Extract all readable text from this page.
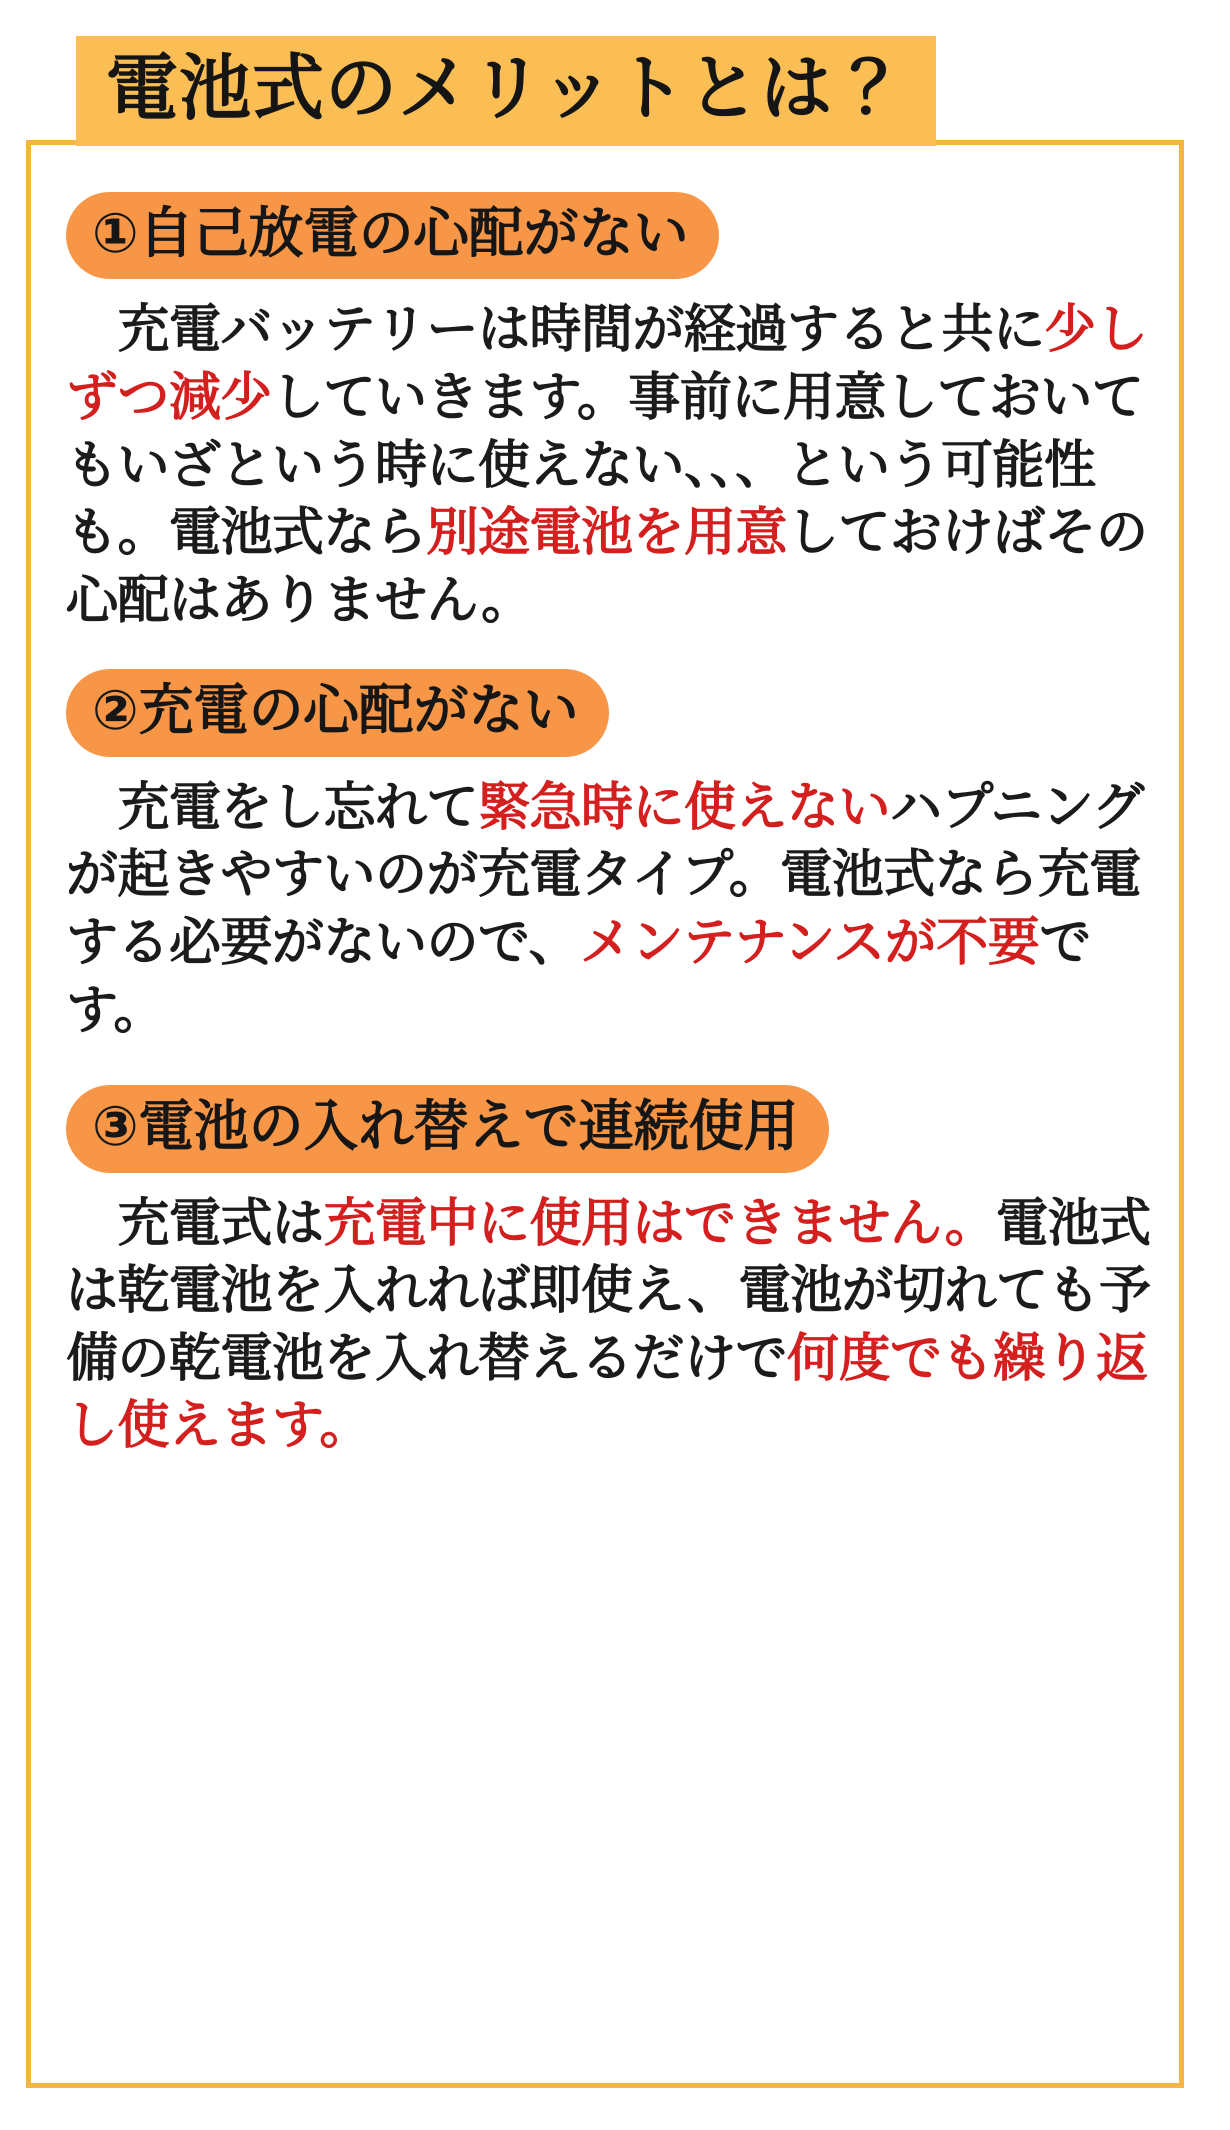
電池式のメリットとは？
①自己放電の心配がない
　充電バッテリーは時間が経過すると共に少しずつ減少していきます。事前に用意しておいてもいざという時に使えない、、、という可能性も。電池式なら別途電池を用意しておけばその心配はありません。
②充電の心配がない
　充電をし忘れて緊急時に使えないハプニングが起きやすいのが充電タイプ。電池式なら充電する必要がないので、メンテナンスが不要です。
③電池の入れ替えで連続使用
　充電式は充電中に使用はできません。電池式は乾電池を入れれば即使え、電池が切れても予備の乾電池を入れ替えるだけで何度でも繰り返し使えます。
